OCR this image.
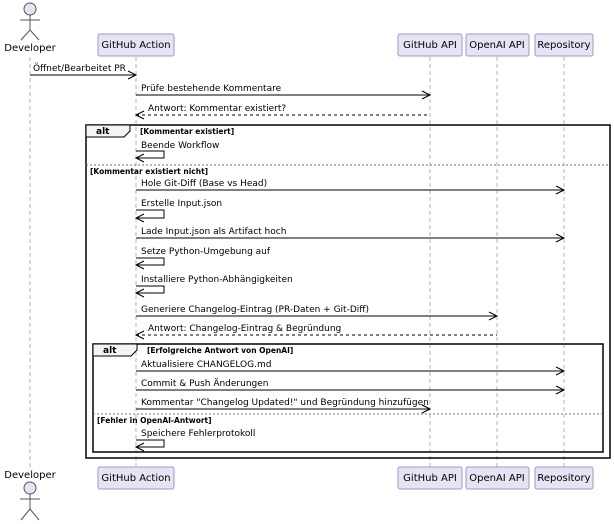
Developer	GitHub Action	GitHub API OpenAI API Repository
Developer	GitHub Action	GitHub API OpenAI API Repository
alt	[Kommentar existiert]
[Kommentar existiert nicht]
alt	[Erfolgreiche Antwort von OpenAI]
[Fehler in OpenAI-Antwort]
Öffnet/Bearbeitet PR
Prüfe bestehende Kommentare
Antwort: Kommentar existiert?
Beende Workflow
Hole Git-Diff (Base vs Head)
Erstelle Input.json
Lade Input.json als Artifact hoch
Setze Python-Umgebung auf
Installiere Python-Abhängigkeiten
Generiere Changelog-Eintrag (PR-Daten + Git-Diff)
Antwort: Changelog-Eintrag & Begründung
Aktualisiere CHANGELOG.md
Commit & Push Änderungen
Kommentar "Changelog Updated!" und Begründung hinzufügen
Speichere Fehlerprotokoll
